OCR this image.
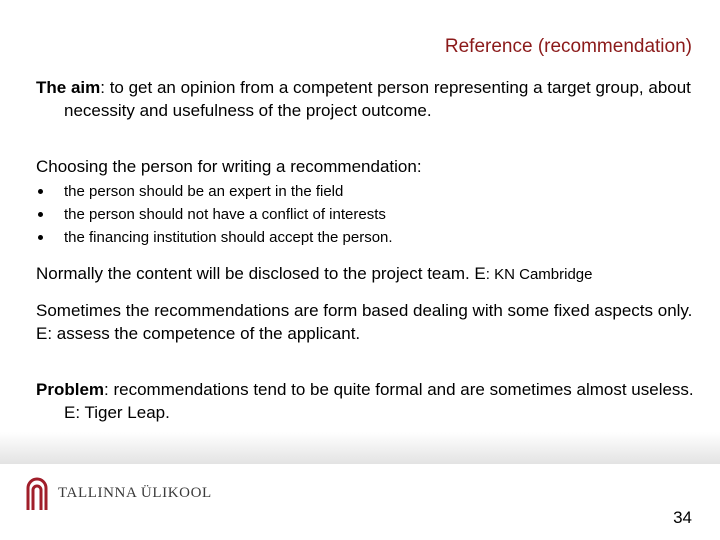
Reference (recommendation)
The aim: to get an opinion from a competent person representing a target group, about necessity and usefulness of the project outcome.
Choosing the person for writing a recommendation:
the person should be an expert in the field
the person should not have a conflict of interests
the financing institution should accept the person.
Normally the content will be disclosed to the project team. E: KN Cambridge
Sometimes the recommendations are form based dealing with some fixed aspects only. E: assess the competence of the applicant.
Problem: recommendations tend to be quite formal and are sometimes almost useless. E: Tiger Leap.
TALLINNA ÜLIKOOL
34
